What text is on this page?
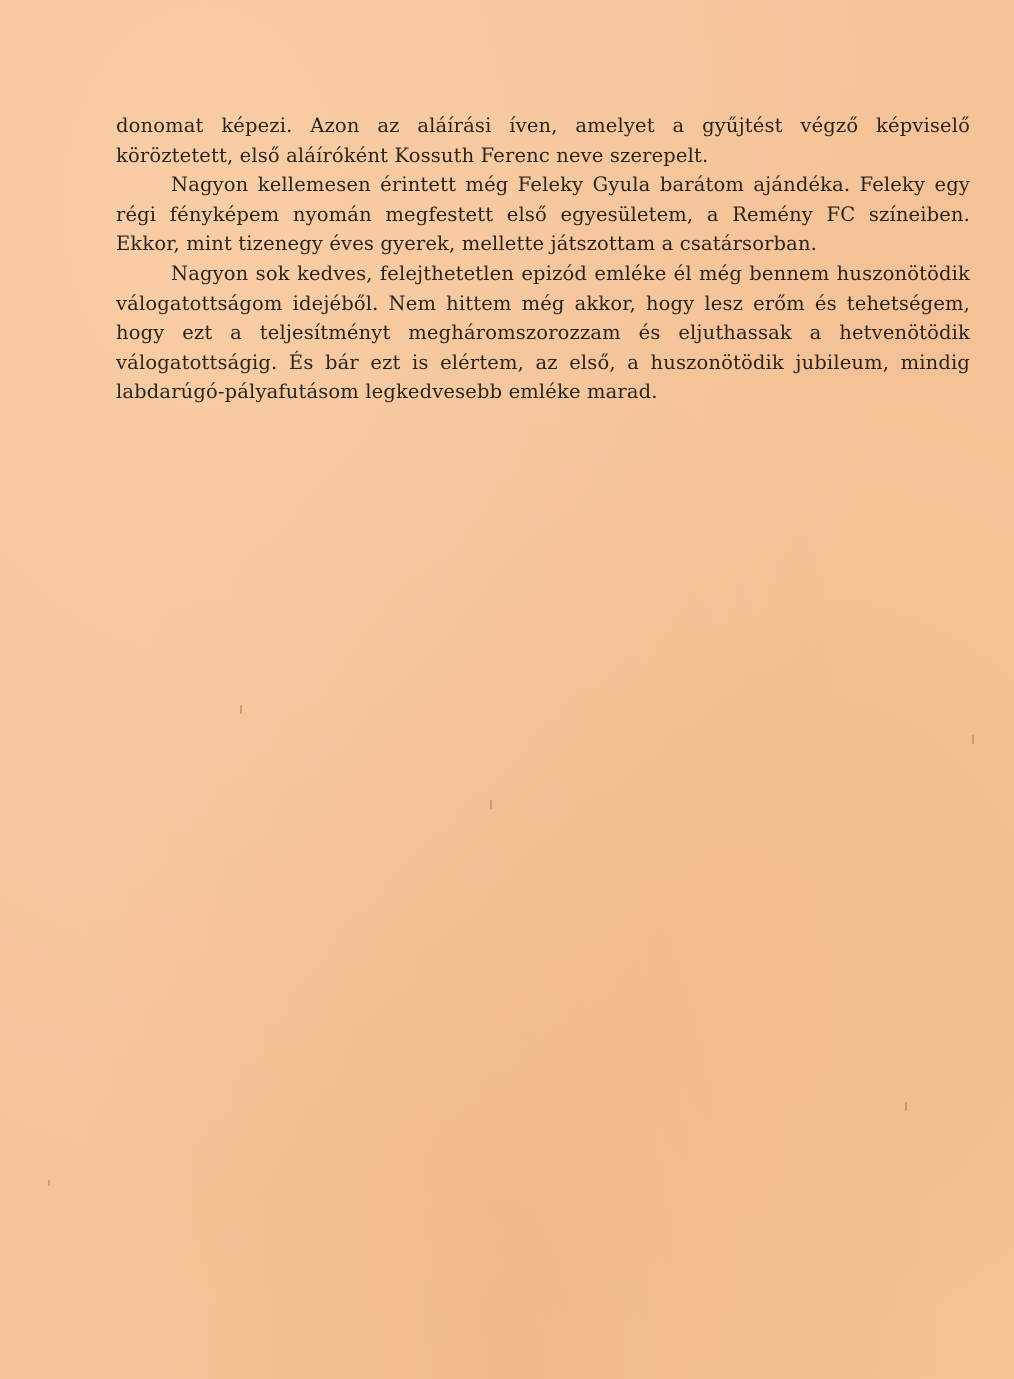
donomat képezi. Azon az aláírási íven, amelyet a gyűjtést végző képviselő köröztetett, első aláíróként Kossuth Ferenc neve szerepelt.

Nagyon kellemesen érintett még Feleky Gyula barátom ajándéka. Feleky egy régi fényképem nyomán megfestett első egyesületem, a Remény FC színeiben. Ekkor, mint tizenegy éves gyerek, mellette játszottam a csatársorban.

Nagyon sok kedves, felejthetetlen epizód emléke él még bennem huszonötödik válogatottságom idejéből. Nem hittem még akkor, hogy lesz erőm és tehetségem, hogy ezt a teljesítményt megháromszorozzam és eljuthassak a hetvenötödik válogatottságig. És bár ezt is elértem, az első, a huszonötödik jubileum, mindig labdarúgó-pályafutásom legkedvesebb emléke marad.
